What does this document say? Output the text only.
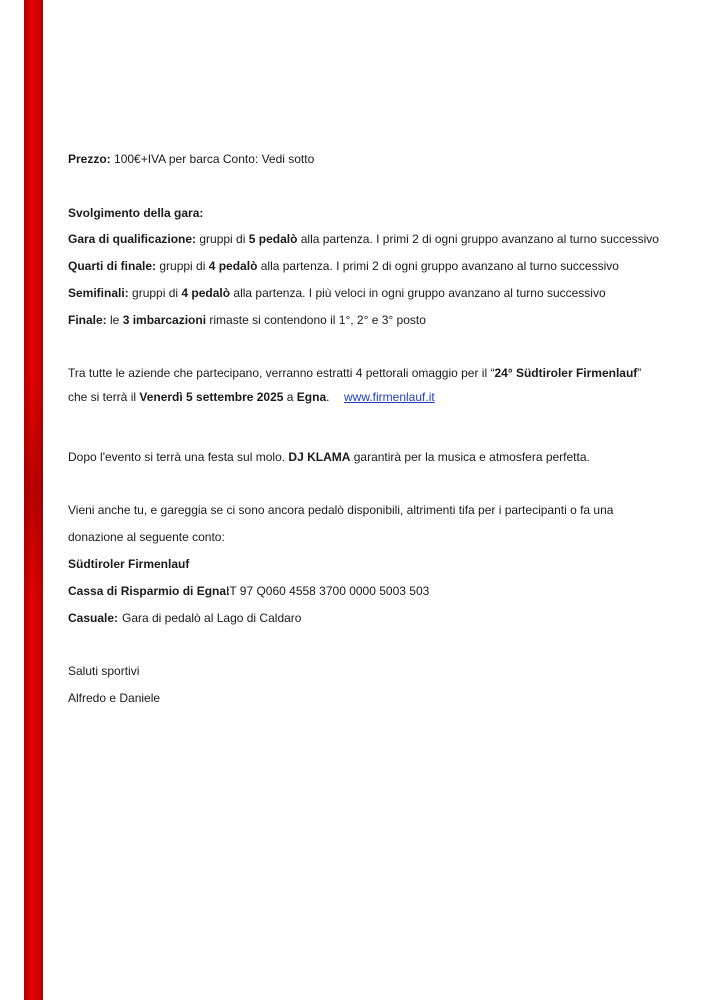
Prezzo: 100€+IVA per barca Conto: Vedi sotto
Svolgimento della gara:
Gara di qualificazione: gruppi di 5 pedalò alla partenza. I primi 2 di ogni gruppo avanzano al turno successivo
Quarti di finale: gruppi di 4 pedalò alla partenza. I primi 2 di ogni gruppo avanzano al turno successivo
Semifinali: gruppi di 4 pedalò alla partenza. I più veloci in ogni gruppo avanzano al turno successivo
Finale: le 3 imbarcazioni rimaste si contendono il 1°, 2° e 3° posto
Tra tutte le aziende che partecipano, verranno estratti 4 pettorali omaggio per il “24° Südtiroler Firmenlauf”
che si terrà il Venerdì 5 settembre 2025 a Egna. www.firmenlauf.it
Dopo l'evento si terrà una festa sul molo. DJ KLAMA garantirà per la musica e atmosfera perfetta.
Vieni anche tu, e gareggia se ci sono ancora pedalò disponibili, altrimenti tifa per i partecipanti o fa una
donazione al seguente conto:
Südtiroler Firmenlauf
Cassa di Risparmio di Egna:
IT 97 Q060 4558 3700 0000 5003 503
Casuale: Gara di pedalò al Lago di Caldaro
Saluti sportivi
Alfredo e Daniele
